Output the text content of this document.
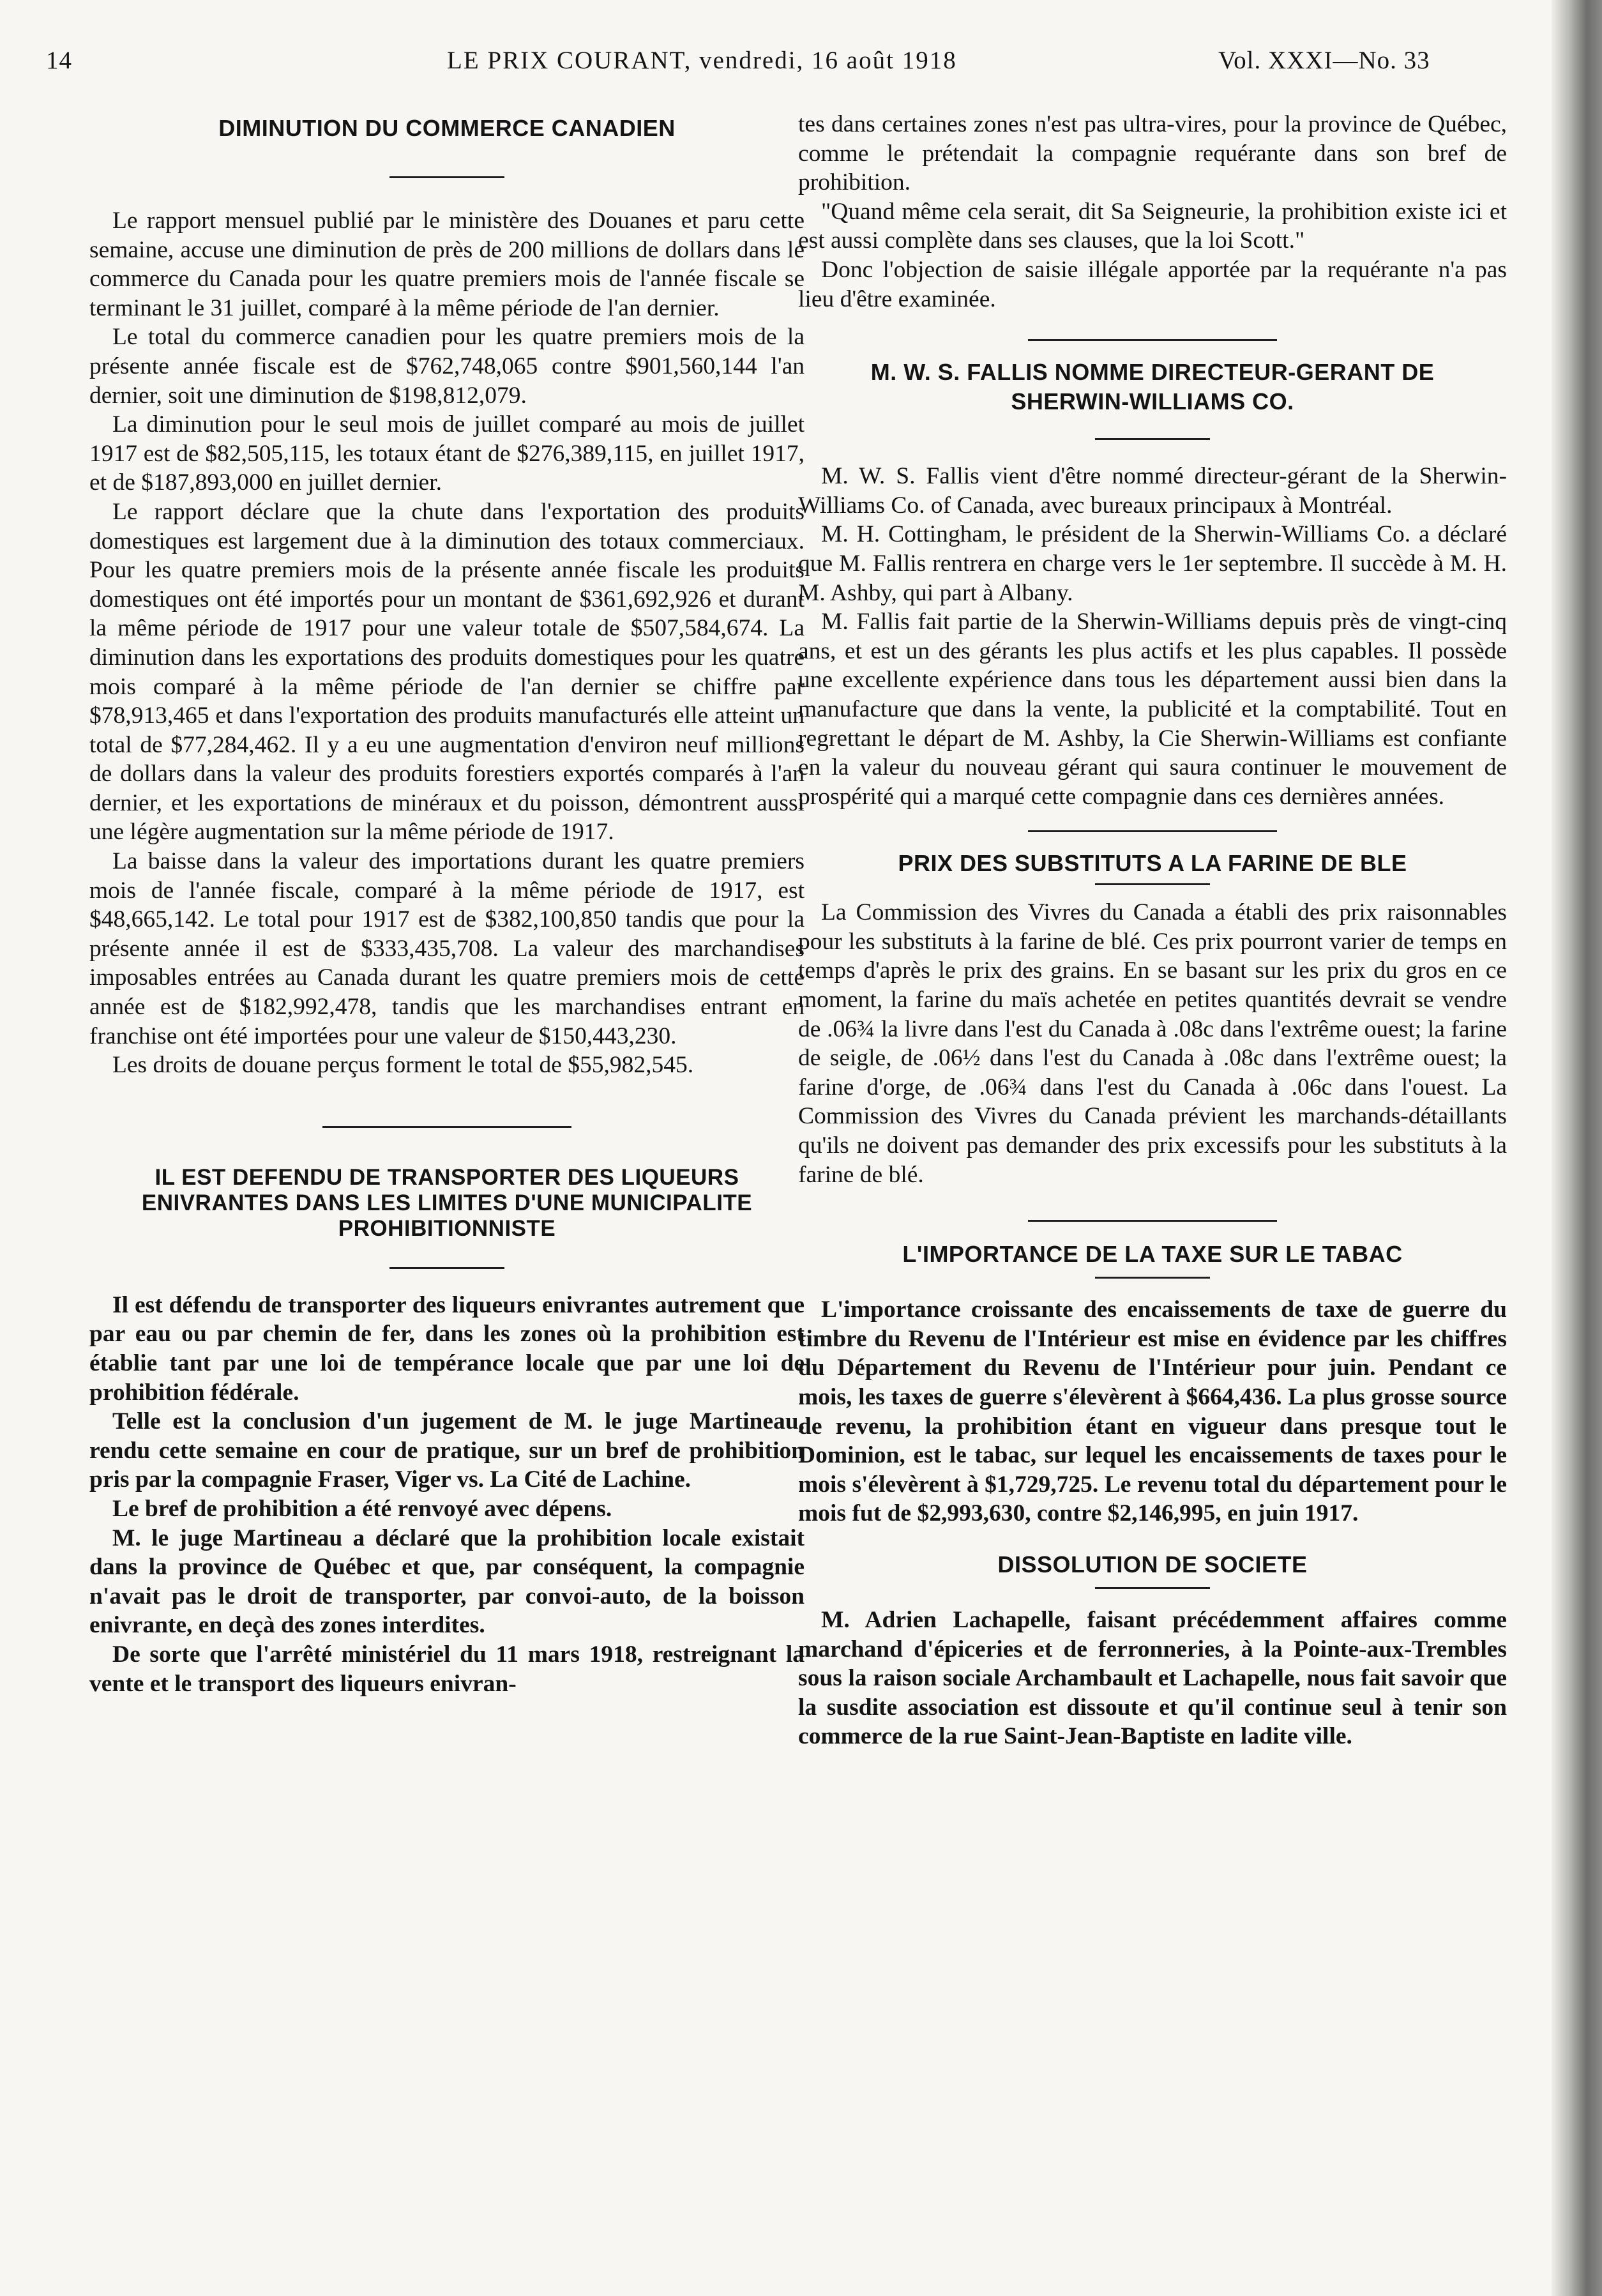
14	LE PRIX COURANT, vendredi, 16 août 1918	Vol. XXXI—No. 33
DIMINUTION DU COMMERCE CANADIEN

Le rapport mensuel publié par le ministère des Douanes et paru cette semaine, accuse une diminution de près de 200 millions de dollars dans le commerce du Canada pour les quatre premiers mois de l'année fiscale se terminant le 31 juillet, comparé à la même période de l'an dernier.

Le total du commerce canadien pour les quatre premiers mois de la présente année fiscale est de $762,748,065 contre $901,560,144 l'an dernier, soit une diminution de $198,812,079.

La diminution pour le seul mois de juillet comparé au mois de juillet 1917 est de $82,505,115, les totaux étant de $276,389,115, en juillet 1917, et de $187,893,000 en juillet dernier.

Le rapport déclare que la chute dans l'exportation des produits domestiques est largement due à la diminution des totaux commerciaux. Pour les quatre premiers mois de la présente année fiscale les produits domestiques ont été importés pour un montant de $361,692,926 et durant la même période de 1917 pour une valeur totale de $507,584,674. La diminution dans les exportations des produits domestiques pour les quatre mois comparé à la même période de l'an dernier se chiffre par $78,913,465 et dans l'exportation des produits manufacturés elle atteint un total de $77,284,462. Il y a eu une augmentation d'environ neuf millions de dollars dans la valeur des produits forestiers exportés comparés à l'an dernier, et les exportations de minéraux et du poisson, démontrent aussi une légère augmentation sur la même période de 1917.

La baisse dans la valeur des importations durant les quatre premiers mois de l'année fiscale, comparé à la même période de 1917, est $48,665,142. Le total pour 1917 est de $382,100,850 tandis que pour la présente année il est de $333,435,708. La valeur des marchandises imposables entrées au Canada durant les quatre premiers mois de cette année est de $182,992,478, tandis que les marchandises entrant en franchise ont été importées pour une valeur de $150,443,230.

Les droits de douane perçus forment le total de $55,982,545.

IL EST DEFENDU DE TRANSPORTER DES LIQUEURS ENIVRANTES DANS LES LIMITES D'UNE MUNICIPALITE PROHIBITIONNISTE

Il est défendu de transporter des liqueurs enivrantes autrement que par eau ou par chemin de fer, dans les zones où la prohibition est établie tant par une loi de tempérance locale que par une loi de prohibition fédérale.

Telle est la conclusion d'un jugement de M. le juge Martineau, rendu cette semaine en cour de pratique, sur un bref de prohibition pris par la compagnie Fraser, Viger vs. La Cité de Lachine.

Le bref de prohibition a été renvoyé avec dépens.

M. le juge Martineau a déclaré que la prohibition locale existait dans la province de Québec et que, par conséquent, la compagnie n'avait pas le droit de transporter, par convoi-auto, de la boisson enivrante, en deçà des zones interdites.

De sorte que l'arrêté ministériel du 11 mars 1918, restreignant la vente et le transport des liqueurs enivran-

tes dans certaines zones n'est pas ultra-vires, pour la province de Québec, comme le prétendait la compagnie requérante dans son bref de prohibition.

"Quand même cela serait, dit Sa Seigneurie, la prohibition existe ici et est aussi complète dans ses clauses, que la loi Scott."

Donc l'objection de saisie illégale apportée par la requérante n'a pas lieu d'être examinée.

M. W. S. FALLIS NOMME DIRECTEUR-GERANT DE SHERWIN-WILLIAMS CO.

M. W. S. Fallis vient d'être nommé directeur-gérant de la Sherwin-Williams Co. of Canada, avec bureaux principaux à Montréal.

M. H. Cottingham, le président de la Sherwin-Williams Co. a déclaré que M. Fallis rentrera en charge vers le 1er septembre. Il succède à M. H. M. Ashby, qui part à Albany.

M. Fallis fait partie de la Sherwin-Williams depuis près de vingt-cinq ans, et est un des gérants les plus actifs et les plus capables. Il possède une excellente expérience dans tous les département aussi bien dans la manufacture que dans la vente, la publicité et la comptabilité. Tout en regrettant le départ de M. Ashby, la Cie Sherwin-Williams est confiante en la valeur du nouveau gérant qui saura continuer le mouvement de prospérité qui a marqué cette compagnie dans ces dernières années.

PRIX DES SUBSTITUTS A LA FARINE DE BLE

La Commission des Vivres du Canada a établi des prix raisonnables pour les substituts à la farine de blé. Ces prix pourront varier de temps en temps d'après le prix des grains. En se basant sur les prix du gros en ce moment, la farine du maïs achetée en petites quantités devrait se vendre de .06¾ la livre dans l'est du Canada à .08c dans l'extrême ouest; la farine de seigle, de .06½ dans l'est du Canada à .08c dans l'extrême ouest; la farine d'orge, de .06¾ dans l'est du Canada à .06c dans l'ouest. La Commission des Vivres du Canada prévient les marchands-détaillants qu'ils ne doivent pas demander des prix excessifs pour les substituts à la farine de blé.

L'IMPORTANCE DE LA TAXE SUR LE TABAC

L'importance croissante des encaissements de taxe de guerre du timbre du Revenu de l'Intérieur est mise en évidence par les chiffres du Département du Revenu de l'Intérieur pour juin. Pendant ce mois, les taxes de guerre s'élevèrent à $664,436. La plus grosse source de revenu, la prohibition étant en vigueur dans presque tout le Dominion, est le tabac, sur lequel les encaissements de taxes pour le mois s'élevèrent à $1,729,725. Le revenu total du département pour le mois fut de $2,993,630, contre $2,146,995, en juin 1917.

DISSOLUTION DE SOCIETE

M. Adrien Lachapelle, faisant précédemment affaires comme marchand d'épiceries et de ferronneries, à la Pointe-aux-Trembles sous la raison sociale Archambault et Lachapelle, nous fait savoir que la susdite association est dissoute et qu'il continue seul à tenir son commerce de la rue Saint-Jean-Baptiste en ladite ville.
